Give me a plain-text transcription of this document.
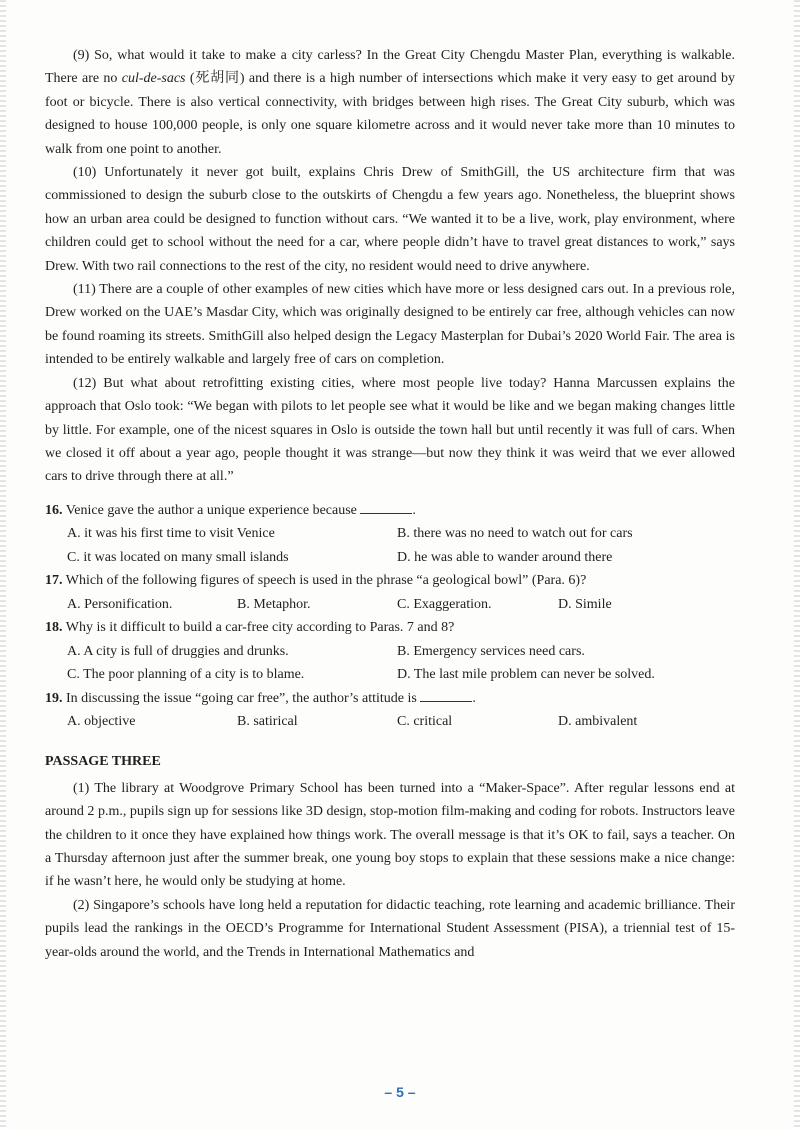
(9) So, what would it take to make a city carless? In the Great City Chengdu Master Plan, everything is walkable. There are no cul-de-sacs (死胡同) and there is a high number of intersections which make it very easy to get around by foot or bicycle. There is also vertical connectivity, with bridges between high rises. The Great City suburb, which was designed to house 100,000 people, is only one square kilometre across and it would never take more than 10 minutes to walk from one point to another.

(10) Unfortunately it never got built, explains Chris Drew of SmithGill, the US architecture firm that was commissioned to design the suburb close to the outskirts of Chengdu a few years ago. Nonetheless, the blueprint shows how an urban area could be designed to function without cars. “We wanted it to be a live, work, play environment, where children could get to school without the need for a car, where people didn’t have to travel great distances to work,” says Drew. With two rail connections to the rest of the city, no resident would need to drive anywhere.

(11) There are a couple of other examples of new cities which have more or less designed cars out. In a previous role, Drew worked on the UAE’s Masdar City, which was originally designed to be entirely car free, although vehicles can now be found roaming its streets. SmithGill also helped design the Legacy Masterplan for Dubai’s 2020 World Fair. The area is intended to be entirely walkable and largely free of cars on completion.

(12) But what about retrofitting existing cities, where most people live today? Hanna Marcussen explains the approach that Oslo took: “We began with pilots to let people see what it would be like and we began making changes little by little. For example, one of the nicest squares in Oslo is outside the town hall but until recently it was full of cars. When we closed it off about a year ago, people thought it was strange—but now they think it was weird that we ever allowed cars to drive through there at all.”

16. Venice gave the author a unique experience because	.

A. it was his first time to visit Venice	B. there was no need to watch out for cars
C. it was located on many small islands	D. he was able to wander around there

17. Which of the following figures of speech is used in the phrase “a geological bowl” (Para. 6)?

A. Personification.	B. Metaphor.	C. Exaggeration.	D. Simile

18. Why is it difficult to build a car-free city according to Paras. 7 and 8?

A. A city is full of druggies and drunks.	B. Emergency services need cars.
C. The poor planning of a city is to blame.	D. The last mile problem can never be solved.

19. In discussing the issue “going car free”, the author’s attitude is	.

A. objective	B. satirical	C. critical	D. ambivalent
PASSAGE THREE

(1) The library at Woodgrove Primary School has been turned into a “Maker-Space”. After regular lessons end at around 2 p.m., pupils sign up for sessions like 3D design, stop-motion film-making and coding for robots. Instructors leave the children to it once they have explained how things work. The overall message is that it’s OK to fail, says a teacher. On a Thursday afternoon just after the summer break, one young boy stops to explain that these sessions make a nice change: if he wasn’t here, he would only be studying at home.

(2) Singapore’s schools have long held a reputation for didactic teaching, rote learning and academic brilliance. Their pupils lead the rankings in the OECD’s Programme for International Student Assessment (PISA), a triennial test of 15-year-olds around the world, and the Trends in International Mathematics and

– 5 –
